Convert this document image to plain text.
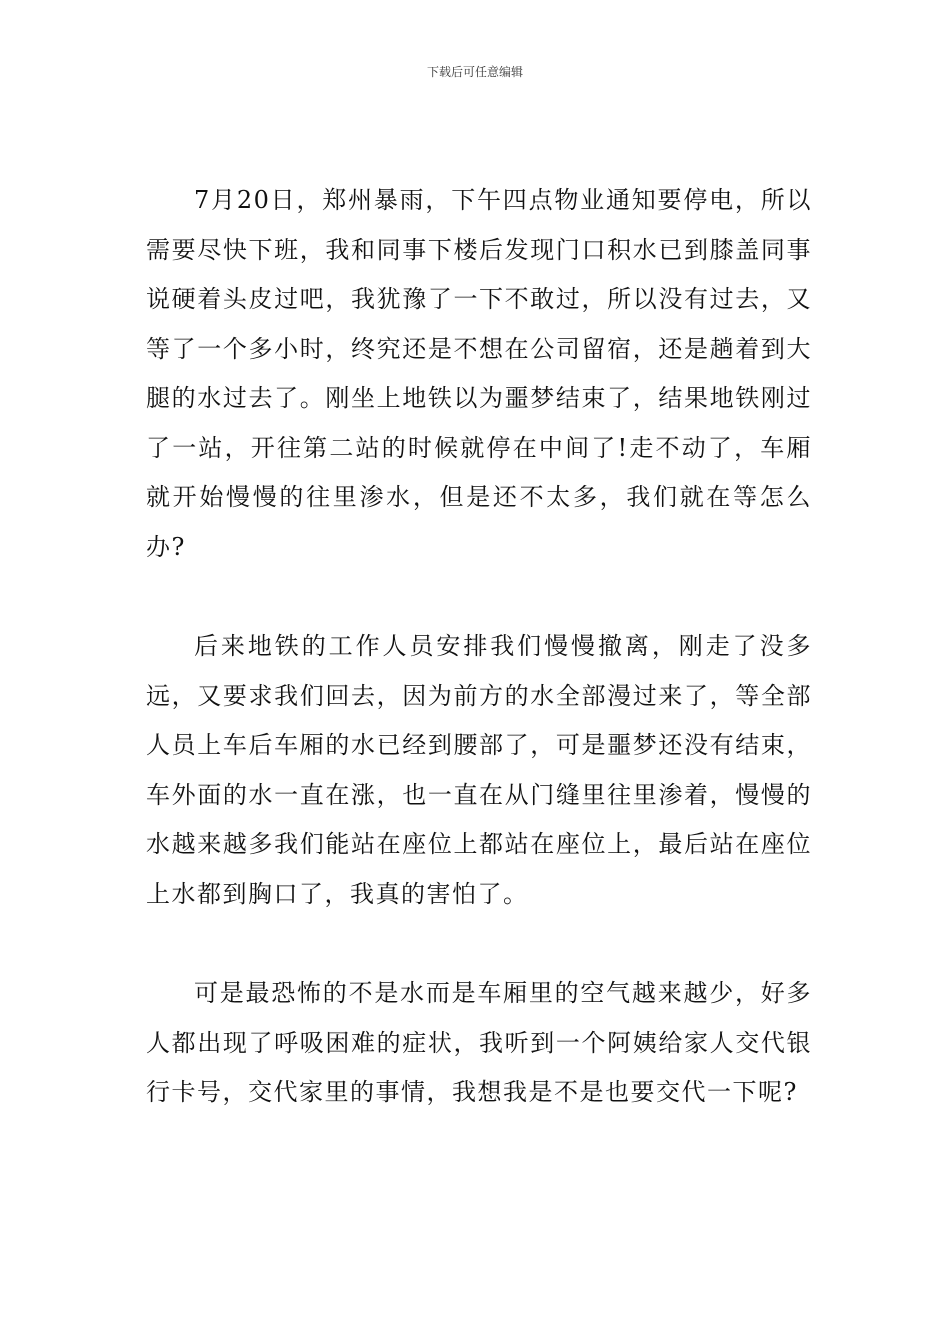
下载后可任意编辑

7月20日，郑州暴雨，下午四点物业通知要停电，所以需要尽快下班，我和同事下楼后发现门口积水已到膝盖同事说硬着头皮过吧，我犹豫了一下不敢过，所以没有过去，又等了一个多小时，终究还是不想在公司留宿，还是趟着到大腿的水过去了。刚坐上地铁以为噩梦结束了，结果地铁刚过了一站，开往第二站的时候就停在中间了!走不动了，车厢就开始慢慢的往里渗水，但是还不太多，我们就在等怎么办?

后来地铁的工作人员安排我们慢慢撤离，刚走了没多远，又要求我们回去，因为前方的水全部漫过来了，等全部人员上车后车厢的水已经到腰部了，可是噩梦还没有结束，车外面的水一直在涨，也一直在从门缝里往里渗着，慢慢的水越来越多我们能站在座位上都站在座位上，最后站在座位上水都到胸口了，我真的害怕了。

可是最恐怖的不是水而是车厢里的空气越来越少，好多人都出现了呼吸困难的症状，我听到一个阿姨给家人交代银行卡号，交代家里的事情，我想我是不是也要交代一下呢?
